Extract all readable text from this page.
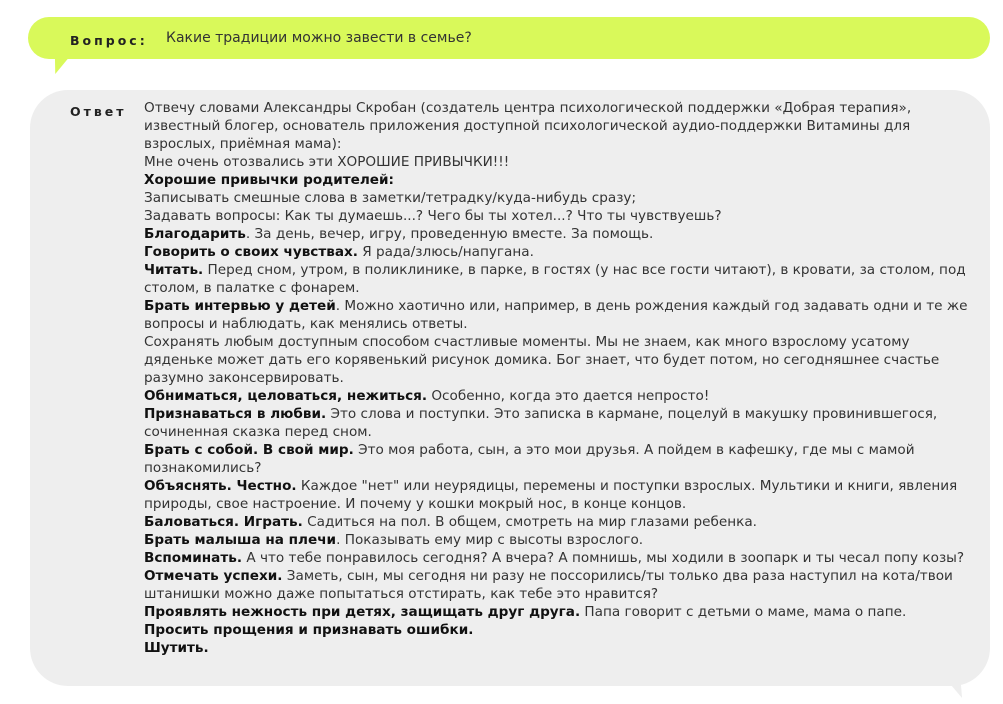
Вопрос: Какие традиции можно завести в семье?
Ответ Отвечу словами Александры Скробан (создатель центра психологической поддержки «Добрая терапия», известный блогер, основатель приложения доступной психологической аудио-поддержки Витамины для взрослых, приёмная мама):

Мне очень отозвались эти ХОРОШИЕ ПРИВЫЧКИ!!!

Хорошие привычки родителей:

Записывать смешные слова в заметки/тетрадку/куда-нибудь сразу;

Задавать вопросы: Как ты думаешь...? Чего бы ты хотел...? Что ты чувствуешь?

Благодарить. За день, вечер, игру, проведенную вместе. За помощь.

Говорить о своих чувствах. Я рада/злюсь/напугана.

Читать. Перед сном, утром, в поликлинике, в парке, в гостях (у нас все гости читают), в кровати, за столом, под столом, в палатке с фонарем.

Брать интервью у детей. Можно хаотично или, например, в день рождения каждый год задавать одни и те же вопросы и наблюдать, как менялись ответы.

Сохранять любым доступным способом счастливые моменты. Мы не знаем, как много взрослому усатому дяденьке может дать его корявенький рисунок домика. Бог знает, что будет потом, но сегодняшнее счастье разумно законсервировать.

Обниматься, целоваться, нежиться. Особенно, когда это дается непросто!

Признаваться в любви. Это слова и поступки. Это записка в кармане, поцелуй в макушку провинившегося, сочиненная сказка перед сном.

Брать с собой. В свой мир. Это моя работа, сын, а это мои друзья. А пойдем в кафешку, где мы с мамой познакомились?

Объяснять. Честно. Каждое "нет" или неурядицы, перемены и поступки взрослых. Мультики и книги, явления природы, свое настроение. И почему у кошки мокрый нос, в конце концов.

Баловаться. Играть. Садиться на пол. В общем, смотреть на мир глазами ребенка.

Брать малыша на плечи. Показывать ему мир с высоты взрослого.

Вспоминать. А что тебе понравилось сегодня? А вчера? А помнишь, мы ходили в зоопарк и ты чесал попу козы?

Отмечать успехи. Заметь, сын, мы сегодня ни разу не поссорились/ты только два раза наступил на кота/твои штанишки можно даже попытаться отстирать, как тебе это нравится?

Проявлять нежность при детях, защищать друг друга. Папа говорит с детьми о маме, мама о папе.

Просить прощения и признавать ошибки.

Шутить.
